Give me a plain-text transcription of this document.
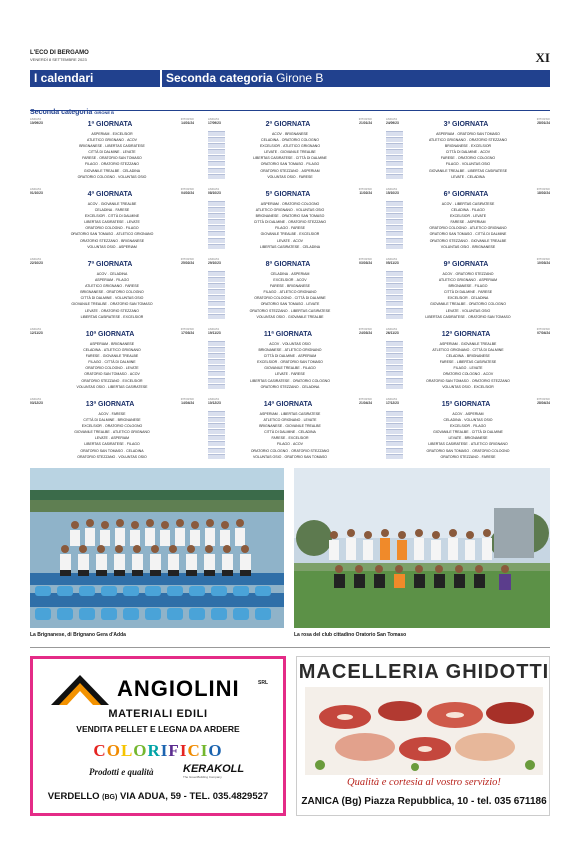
L'ECO DI BERGAMO
VENERDÌ 8 SETTEMBRE 2023	XI
I calendari	Seconda categoria Girone B
Seconda categoria GIRONE B
ANDATA
10/09/23	1ª GIORNATA
RITORNO
14/01/24
ASPERIAM-EXCELSIOR
ATLETICO GRIGNANO-ACOV
BRIGNANESE-LIBERTAS CASIRATESE
CITTÀ DI DALMINE-LEVATE
FARESE-ORATORIO SAN TOMASO
FILAGO-ORATORIO STEZZANO
GIOVANILE TREALBE-CELADINA
ORATORIO COLOGNO-VOLUNTAS OSIO
ANDATA
17/09/23	2ª GIORNATA
RITORNO
21/01/24
ACOV-BRIGNANESE
CELADINA-ORATORIO COLOGNO
EXCELSIOR-ATLETICO GRIGNANO
LEVATE-GIOVANILE TREALBE
LIBERTAS CASIRATESE-CITTÀ DI DALMINE
ORATORIO SAN TOMASO-FILAGO
ORATORIO STEZZANO-ASPERIAM
VOLUNTAS OSIO-FARESE
ANDATA
24/09/23	3ª GIORNATA
RITORNO
28/01/24
ASPERIAM-ORATORIO SAN TOMASO
ATLETICO GRIGNANO-ORATORIO STEZZANO
BRIGNANESE-EXCELSIOR
CITTÀ DI DALMINE-ACOV
FARESE-ORATORIO COLOGNO
FILAGO-VOLUNTAS OSIO
GIOVANILE TREALBE-LIBERTAS CASIRATESE
LEVATE-CELADINA
ANDATA
01/10/23	4ª GIORNATA
RITORNO
04/02/24
ACOV-GIOVANILE TREALBE
CELADINA-FARESE
EXCELSIOR-CITTÀ DI DALMINE
LIBERTAS CASIRATESE-LEVATE
ORATORIO COLOGNO-FILAGO
ORATORIO SAN TOMASO-ATLETICO GRIGNANO
ORATORIO STEZZANO-BRIGNANESE
VOLUNTAS OSIO-ASPERIAM
ANDATA
08/10/23	5ª GIORNATA
RITORNO
11/02/24
ASPERIAM-ORATORIO COLOGNO
ATLETICO GRIGNANO-VOLUNTAS OSIO
BRIGNANESE-ORATORIO SAN TOMASO
CITTÀ DI DALMINE-ORATORIO STEZZANO
FILAGO-FARESE
GIOVANILE TREALBE-EXCELSIOR
LEVATE-ACOV
LIBERTAS CASIRATESE-CELADINA
ANDATA
15/10/23	6ª GIORNATA
RITORNO
18/02/24
ACOV-LIBERTAS CASIRATESE
CELADINA-FILAGO
EXCELSIOR-LEVATE
FARESE-ASPERIAM
ORATORIO COLOGNO-ATLETICO GRIGNANO
ORATORIO SAN TOMASO-CITTÀ DI DALMINE
ORATORIO STEZZANO-GIOVANILE TREALBE
VOLUNTAS OSIO-BRIGNANESE
ANDATA
22/10/23	7ª GIORNATA
RITORNO
25/02/24
ACOV-CELADINA
ASPERIAM-FILAGO
ATLETICO GRIGNANO-FARESE
BRIGNANESE-ORATORIO COLOGNO
CITTÀ DI DALMINE-VOLUNTAS OSIO
GIOVANILE TREALBE-ORATORIO SAN TOMASO
LEVATE-ORATORIO STEZZANO
LIBERTAS CASIRATESE-EXCELSIOR
ANDATA
29/10/23	8ª GIORNATA
RITORNO
03/03/24
CELADINA-ASPERIAM
EXCELSIOR-ACOV
FARESE-BRIGNANESE
FILAGO-ATLETICO GRIGNANO
ORATORIO COLOGNO-CITTÀ DI DALMINE
ORATORIO SAN TOMASO-LEVATE
ORATORIO STEZZANO-LIBERTAS CASIRATESE
VOLUNTAS OSIO-GIOVANILE TREALBE
ANDATA
05/11/23	9ª GIORNATA
RITORNO
10/03/24
ACOV-ORATORIO STEZZANO
ATLETICO GRIGNANO-ASPERIAM
BRIGNANESE-FILAGO
CITTÀ DI DALMINE-FARESE
EXCELSIOR-CELADINA
GIOVANILE TREALBE-ORATORIO COLOGNO
LEVATE-VOLUNTAS OSIO
LIBERTAS CASIRATESE-ORATORIO SAN TOMASO
ANDATA
12/11/23	10ª GIORNATA
RITORNO
17/03/24
ASPERIAM-BRIGNANESE
CELADINA-ATLETICO GRIGNANO
FARESE-GIOVANILE TREALBE
FILAGO-CITTÀ DI DALMINE
ORATORIO COLOGNO-LEVATE
ORATORIO SAN TOMASO-ACOV
ORATORIO STEZZANO-EXCELSIOR
VOLUNTAS OSIO-LIBERTAS CASIRATESE
ANDATA
19/11/23	11ª GIORNATA
RITORNO
24/03/24
ACOV-VOLUNTAS OSIO
BRIGNANESE-ATLETICO GRIGNANO
CITTÀ DI DALMINE-ASPERIAM
EXCELSIOR-ORATORIO SAN TOMASO
GIOVANILE TREALBE-FILAGO
LEVATE-FARESE
LIBERTAS CASIRATESE-ORATORIO COLOGNO
ORATORIO STEZZANO-CELADINA
ANDATA
26/11/23	12ª GIORNATA
RITORNO
07/04/24
ASPERIAM-GIOVANILE TREALBE
ATLETICO GRIGNANO-CITTÀ DI DALMINE
CELADINA-BRIGNANESE
FARESE-LIBERTAS CASIRATESE
FILAGO-LEVATE
ORATORIO COLOGNO-ACOV
ORATORIO SAN TOMASO-ORATORIO STEZZANO
VOLUNTAS OSIO-EXCELSIOR
ANDATA
03/12/23	13ª GIORNATA
RITORNO
14/04/24
ACOV-FARESE
CITTÀ DI DALMINE-BRIGNANESE
EXCELSIOR-ORATORIO COLOGNO
GIOVANILE TREALBE-ATLETICO GRIGNANO
LEVATE-ASPERIAM
LIBERTAS CASIRATESE-FILAGO
ORATORIO SAN TOMASO-CELADINA
ORATORIO STEZZANO-VOLUNTAS OSIO
ANDATA
10/12/23	14ª GIORNATA
RITORNO
21/04/24
ASPERIAM-LIBERTAS CASIRATESE
ATLETICO GRIGNANO-LEVATE
BRIGNANESE-GIOVANILE TREALBE
CITTÀ DI DALMINE-CELADINA
FARESE-EXCELSIOR
FILAGO-ACOV
ORATORIO COLOGNO-ORATORIO STEZZANO
VOLUNTAS OSIO-ORATORIO SAN TOMASO
ANDATA
17/12/23	15ª GIORNATA
RITORNO
28/04/24
ACOV-ASPERIAM
CELADINA-VOLUNTAS OSIO
EXCELSIOR-FILAGO
GIOVANILE TREALBE-CITTÀ DI DALMINE
LEVATE-BRIGNANESE
LIBERTAS CASIRATESE-ATLETICO GRIGNANO
ORATORIO SAN TOMASO-ORATORIO COLOGNO
ORATORIO STEZZANO-FARESE
La Brignanese, di Brignano Gera d'Adda	La rosa del club cittadino Oratorio San Tomaso
ANGIOLINI	SRL
MATERIALI EDILI
VENDITA PELLET E LEGNA DA ARDERE
COLORIFICIO
Prodotti e qualità	KERAKOLL
The GreenBuilding Company
VERDELLO (BG) VIA ADUA, 59 - TEL. 035.4829527
MACELLERIA GHIDOTTI
Qualità e cortesia al vostro servizio!
ZANICA (Bg) Piazza Repubblica, 10 - tel. 035 671186
